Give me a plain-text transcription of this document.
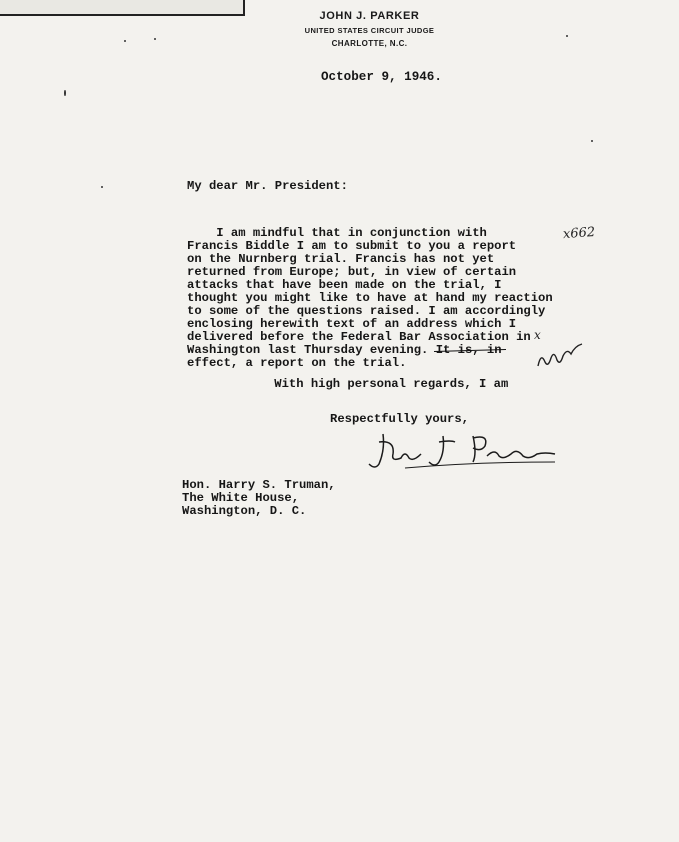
JOHN J. PARKER
UNITED STATES CIRCUIT JUDGE
CHARLOTTE, N.C.
October 9, 1946.
My dear Mr. President:
x662
I am mindful that in conjunction with
Francis Biddle I am to submit to you a report
on the Nurnberg trial. Francis has not yet
returned from Europe; but, in view of certain
attacks that have been made on the trial, I
thought you might like to have at hand my reaction
to some of the questions raised. I am accordingly
enclosing herewith text of an address which I
delivered before the Federal Bar Association in
Washington last Thursday evening. It is, in
effect, a report on the trial.
x
With high personal regards, I am
Respectfully yours,
Hon. Harry S. Truman,
The White House,
Washington, D. C.
